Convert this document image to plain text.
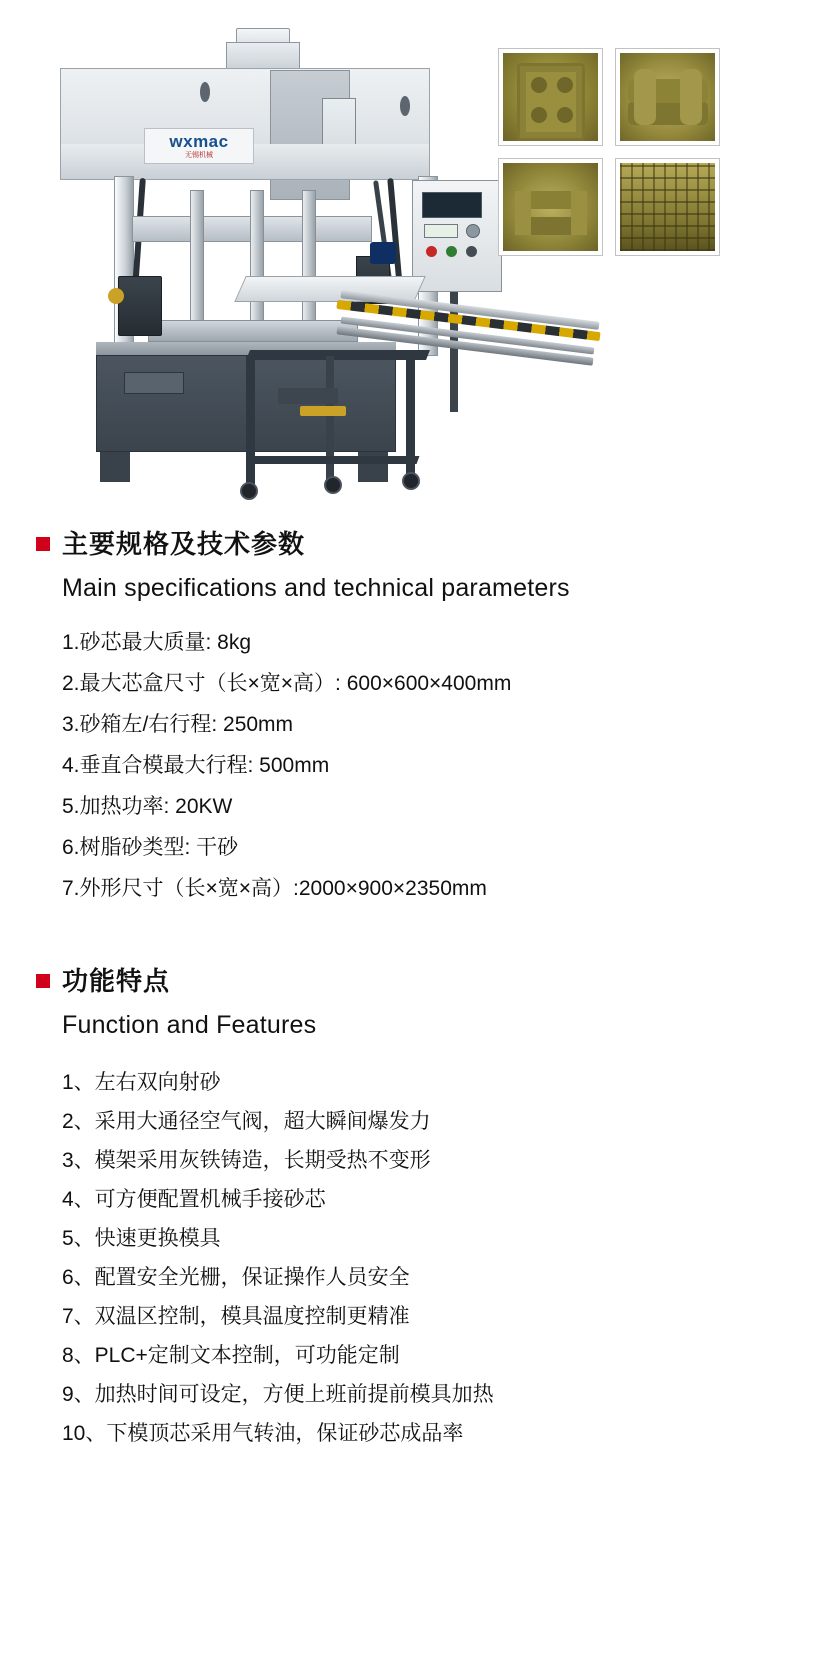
wxmac
无锡机械
主要规格及技术参数
Main specifications and technical parameters
1.砂芯最大质量: 8kg
2.最大芯盒尺寸（长×宽×高）: 600×600×400mm
3.砂箱左/右行程: 250mm
4.垂直合模最大行程: 500mm
5.加热功率: 20KW
6.树脂砂类型: 干砂
7.外形尺寸（长×宽×高）:2000×900×2350mm
功能特点
Function and Features
1、左右双向射砂
2、采用大通径空气阀，超大瞬间爆发力
3、模架采用灰铁铸造，长期受热不变形
4、可方便配置机械手接砂芯
5、快速更换模具
6、配置安全光栅，保证操作人员安全
7、双温区控制，模具温度控制更精准
8、PLC+定制文本控制，可功能定制
9、加热时间可设定，方便上班前提前模具加热
10、下模顶芯采用气转油，保证砂芯成品率
